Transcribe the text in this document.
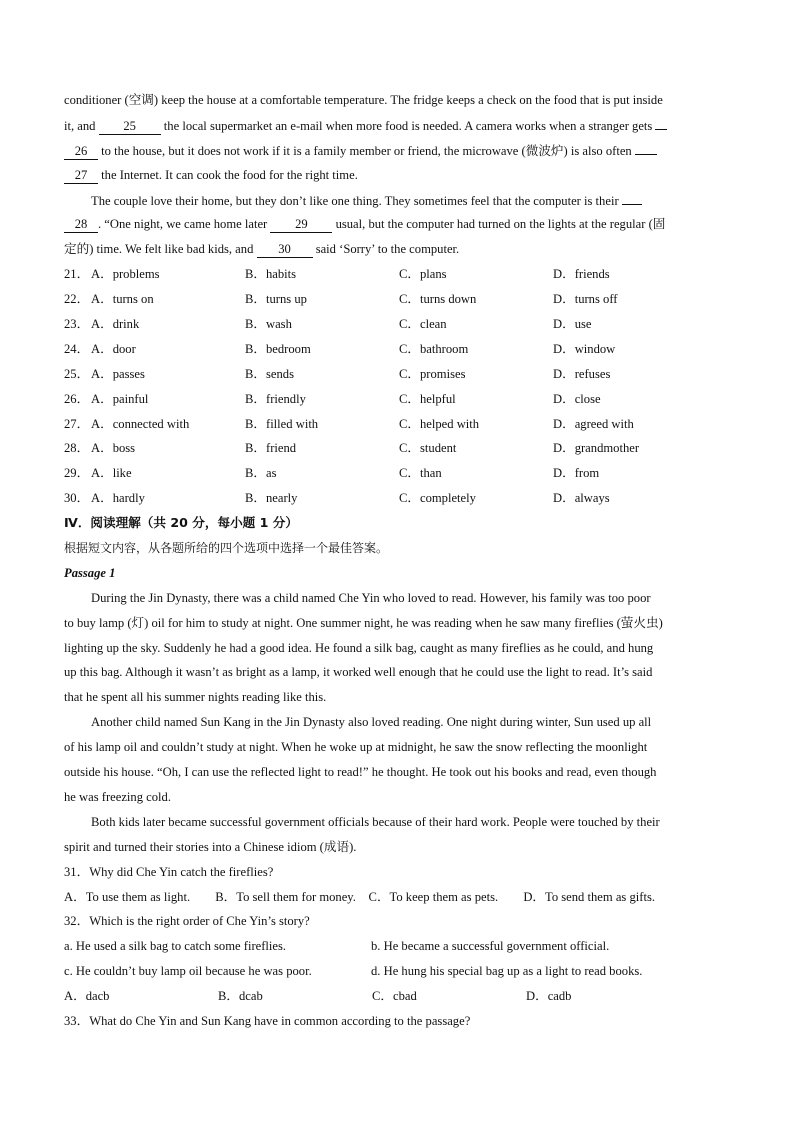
conditioner (空调) keep the house at a comfortable temperature. The fridge keeps a check on the food that is put inside
it, and 25 the local supermarket an e-mail when more food is needed. A camera works when a stranger gets
26 to the house, but it does not work if it is a family member or friend, the microwave (微波炉) is also often
27 the Internet. It can cook the food for the right time.
The couple love their home, but they don’t like one thing. They sometimes feel that the computer is their
28 . “One night, we came home later 29 usual, but the computer had turned on the lights at the regular (固
定的) time. We felt like bad kids, and 30 said ‘Sorry’ to the computer.
21． A．problems	B．habits	C．plans	D．friends
22． A．turns on	B．turns up	C．turns down	D．turns off
23． A．drink	B．wash	C．clean	D．use
24． A．door	B．bedroom	C．bathroom	D．window
25． A．passes	B．sends	C．promises	D．refuses
26． A．painful	B．friendly	C．helpful	D．close
27． A．connected with	B．filled with	C．helped with	D．agreed with
28． A．boss	B．friend	C．student	D．grandmother
29． A．like	B．as	C．than	D．from
30． A．hardly	B．nearly	C．completely	D．always
Ⅳ．阅读理解（共 20 分，每小题 1 分）
根据短文内容，从各题所给的四个选项中选择一个最佳答案。
Passage 1
During the Jin Dynasty, there was a child named Che Yin who loved to read. However, his family was too poor
to buy lamp (灯) oil for him to study at night. One summer night, he was reading when he saw many fireflies (萤火虫)
lighting up the sky. Suddenly he had a good idea. He found a silk bag, caught as many fireflies as he could, and hung
up this bag. Although it wasn’t as bright as a lamp, it worked well enough that he could use the light to read. It’s said
that he spent all his summer nights reading like this.
Another child named Sun Kang in the Jin Dynasty also loved reading. One night during winter, Sun used up all
of his lamp oil and couldn’t study at night. When he woke up at midnight, he saw the snow reflecting the moonlight
outside his house. “Oh, I can use the reflected light to read!” he thought. He took out his books and read, even though
he was freezing cold.
Both kids later became successful government officials because of their hard work. People were touched by their
spirit and turned their stories into a Chinese idiom (成语).
31．Why did Che Yin catch the fireflies?
A．To use them as light. B．To sell them for money. C．To keep them as pets. D．To send them as gifts.
32．Which is the right order of Che Yin’s story?
a. He used a silk bag to catch some fireflies.	b. He became a successful government official.
c. He couldn’t buy lamp oil because he was poor.	d. He hung his special bag up as a light to read books.
A．dacb	B．dcab	C．cbad	D．cadb
33．What do Che Yin and Sun Kang have in common according to the passage?
